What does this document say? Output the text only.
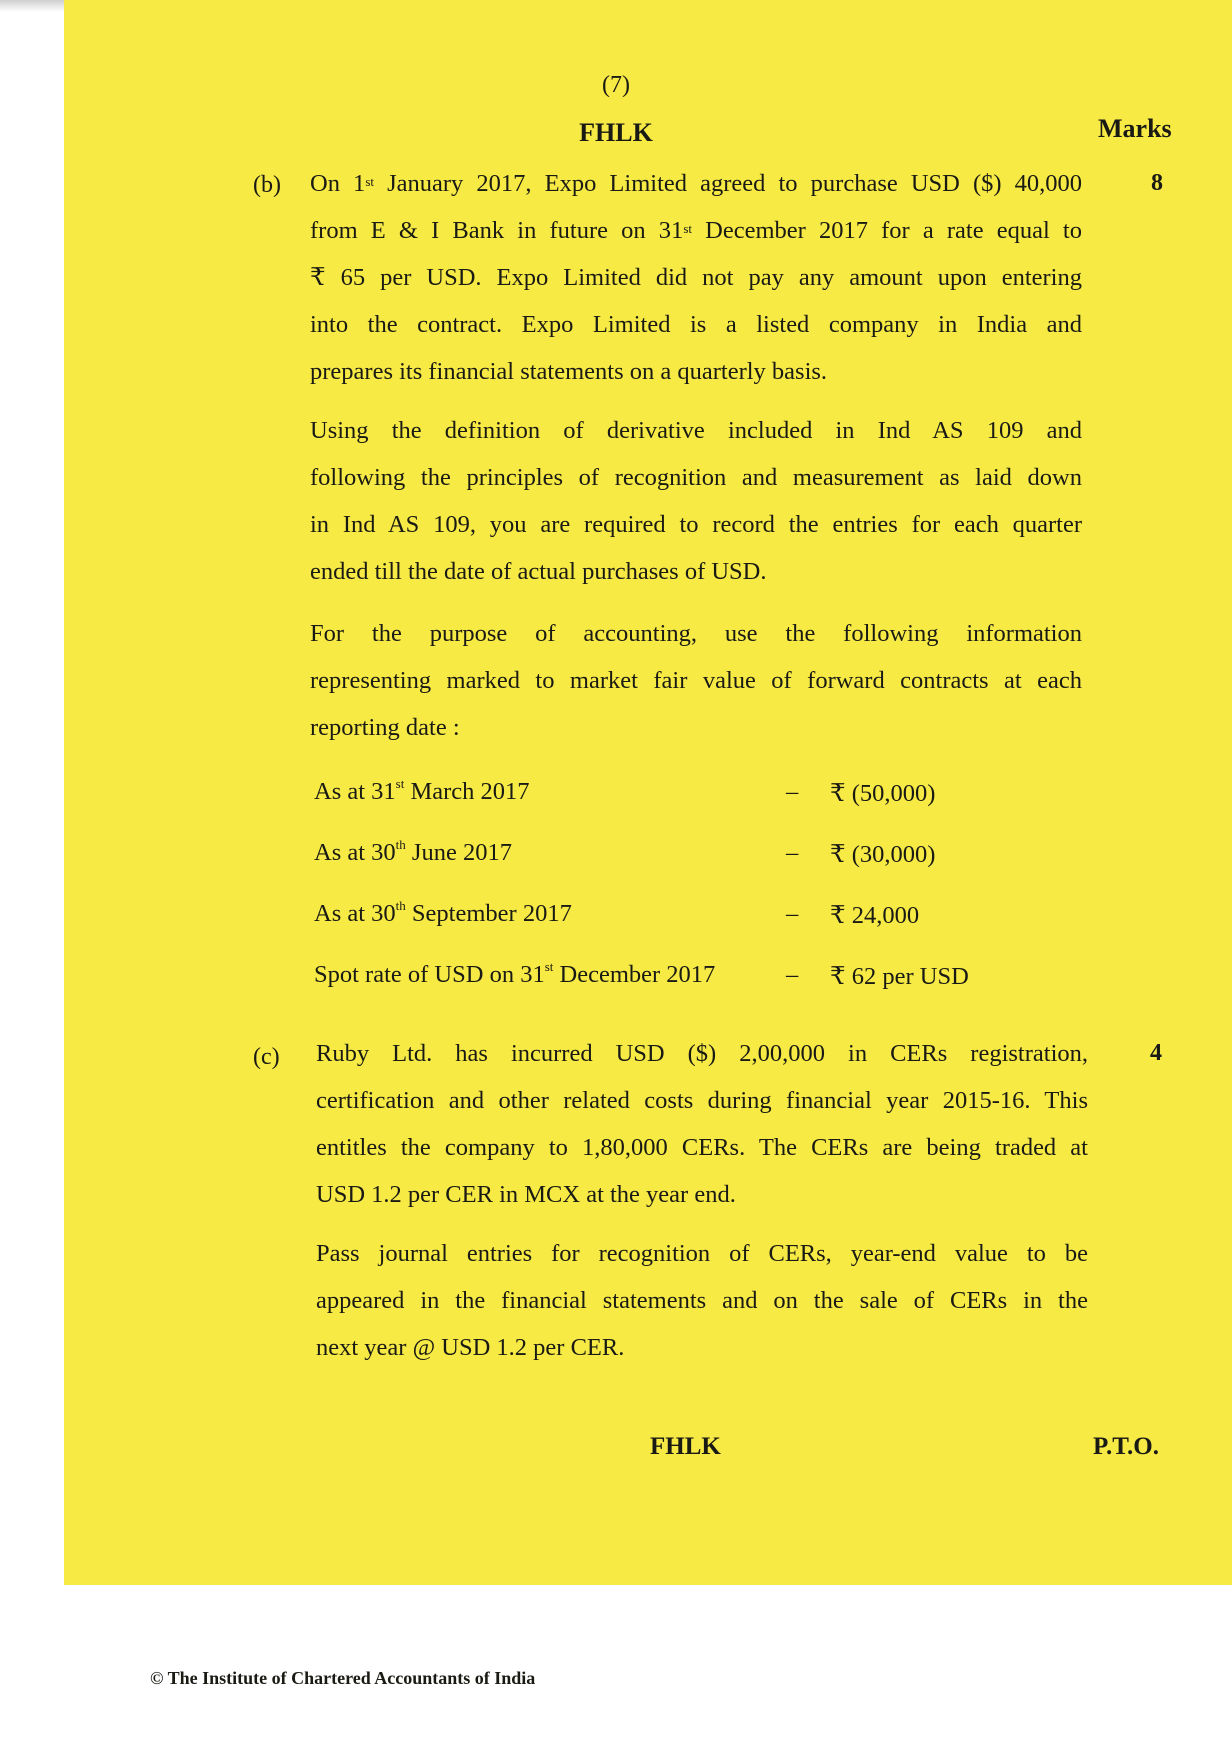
(7)
FHLK	Marks
(b)	8
On 1st January 2017, Expo Limited agreed to purchase USD ($) 40,000
from E & I Bank in future on 31st December 2017 for a rate equal to
₹ 65 per USD. Expo Limited did not pay any amount upon entering
into the contract. Expo Limited is a listed company in India and
prepares its financial statements on a quarterly basis.
Using the definition of derivative included in Ind AS 109 and
following the principles of recognition and measurement as laid down
in Ind AS 109, you are required to record the entries for each quarter
ended till the date of actual purchases of USD.
For the purpose of accounting, use the following information
representing marked to market fair value of forward contracts at each
reporting date :
As at 31st March 2017	– ₹ (50,000)
As at 30th June 2017	– ₹ (30,000)
As at 30th September 2017	– ₹ 24,000
Spot rate of USD on 31st December 2017	– ₹ 62 per USD
(c)	4
Ruby Ltd. has incurred USD ($) 2,00,000 in CERs registration,
certification and other related costs during financial year 2015-16. This
entitles the company to 1,80,000 CERs. The CERs are being traded at
USD 1.2 per CER in MCX at the year end.
Pass journal entries for recognition of CERs, year-end value to be
appeared in the financial statements and on the sale of CERs in the
next year @ USD 1.2 per CER.
FHLK	P.T.O.
© The Institute of Chartered Accountants of India
